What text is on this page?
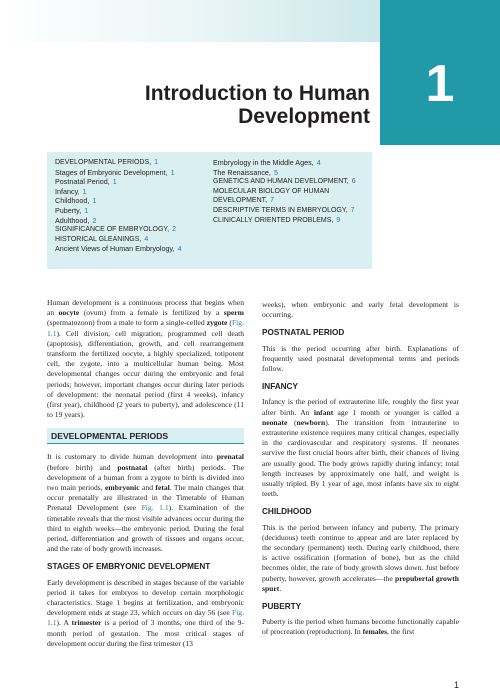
1
Introduction to Human
Development
DEVELOPMENTAL PERIODS, 1
Stages of Embryonic Development, 1
Postnatal Period, 1
Infancy, 1
Childhood, 1
Puberty, 1
Adulthood, 2
SIGNIFICANCE OF EMBRYOLOGY, 2
HISTORICAL GLEANINGS, 4
Ancient Views of Human Embryology, 4
Embryology in the Middle Ages, 4
The Renaissance, 5
GENETICS AND HUMAN DEVELOPMENT, 6
MOLECULAR BIOLOGY OF HUMAN
DEVELOPMENT, 7
DESCRIPTIVE TERMS IN EMBRYOLOGY, 7
CLINICALLY ORIENTED PROBLEMS, 9

Human development is a continuous process that begins when an oocyte (ovum) from a female is fertilized by a sperm (spermatozoon) from a male to form a single-celled zygote (Fig. 1.1). Cell division, cell migration, programmed cell death (apoptosis), differentiation, growth, and cell rearrangement transform the fertilized oocyte, a highly specialized, totipotent cell, the zygote, into a multicellular human being. Most developmental changes occur during the embryonic and fetal periods; however, important changes occur during later periods of development: the neonatal period (first 4 weeks), infancy (first year), childhood (2 years to puberty), and adolescence (11 to 19 years).

DEVELOPMENTAL PERIODS

It is customary to divide human development into prenatal (before birth) and postnatal (after birth) periods. The development of a human from a zygote to birth is divided into two main periods, embryonic and fetal. The main changes that occur prenatally are illustrated in the Timetable of Human Prenatal Development (see Fig. 1.1). Examination of the timetable reveals that the most visible advances occur during the third to eighth weeks—the embryonic period. During the fetal period, differentiation and growth of tissues and organs occur, and the rate of body growth increases.

STAGES OF EMBRYONIC DEVELOPMENT

Early development is described in stages because of the variable period it takes for embryos to develop certain morphologic characteristics. Stage 1 begins at fertilization, and embryonic development ends at stage 23, which occurs on day 56 (see Fig. 1.1). A trimester is a period of 3 months, one third of the 9-month period of gestation. The most critical stages of development occur during the first trimester (13

weeks), when embryonic and early fetal development is occurring.

POSTNATAL PERIOD

This is the period occurring after birth. Explanations of frequently used postnatal developmental terms and periods follow.

INFANCY

Infancy is the period of extrauterine life, roughly the first year after birth. An infant age 1 month or younger is called a neonate (newborn). The transition from intrauterine to extrauterine existence requires many critical changes, especially in the cardiovascular and respiratory systems. If neonates survive the first crucial hours after birth, their chances of living are usually good. The body grows rapidly during infancy; total length increases by approximately one half, and weight is usually tripled. By 1 year of age, most infants have six to eight teeth.

CHILDHOOD

This is the period between infancy and puberty. The primary (deciduous) teeth continue to appear and are later replaced by the secondary (permanent) teeth. During early childhood, there is active ossification (formation of bone), but as the child becomes older, the rate of body growth slows down. Just before puberty, however, growth accelerates—the prepubertal growth spurt.

PUBERTY

Puberty is the period when humans become functionally capable of procreation (reproduction). In females, the first

1
